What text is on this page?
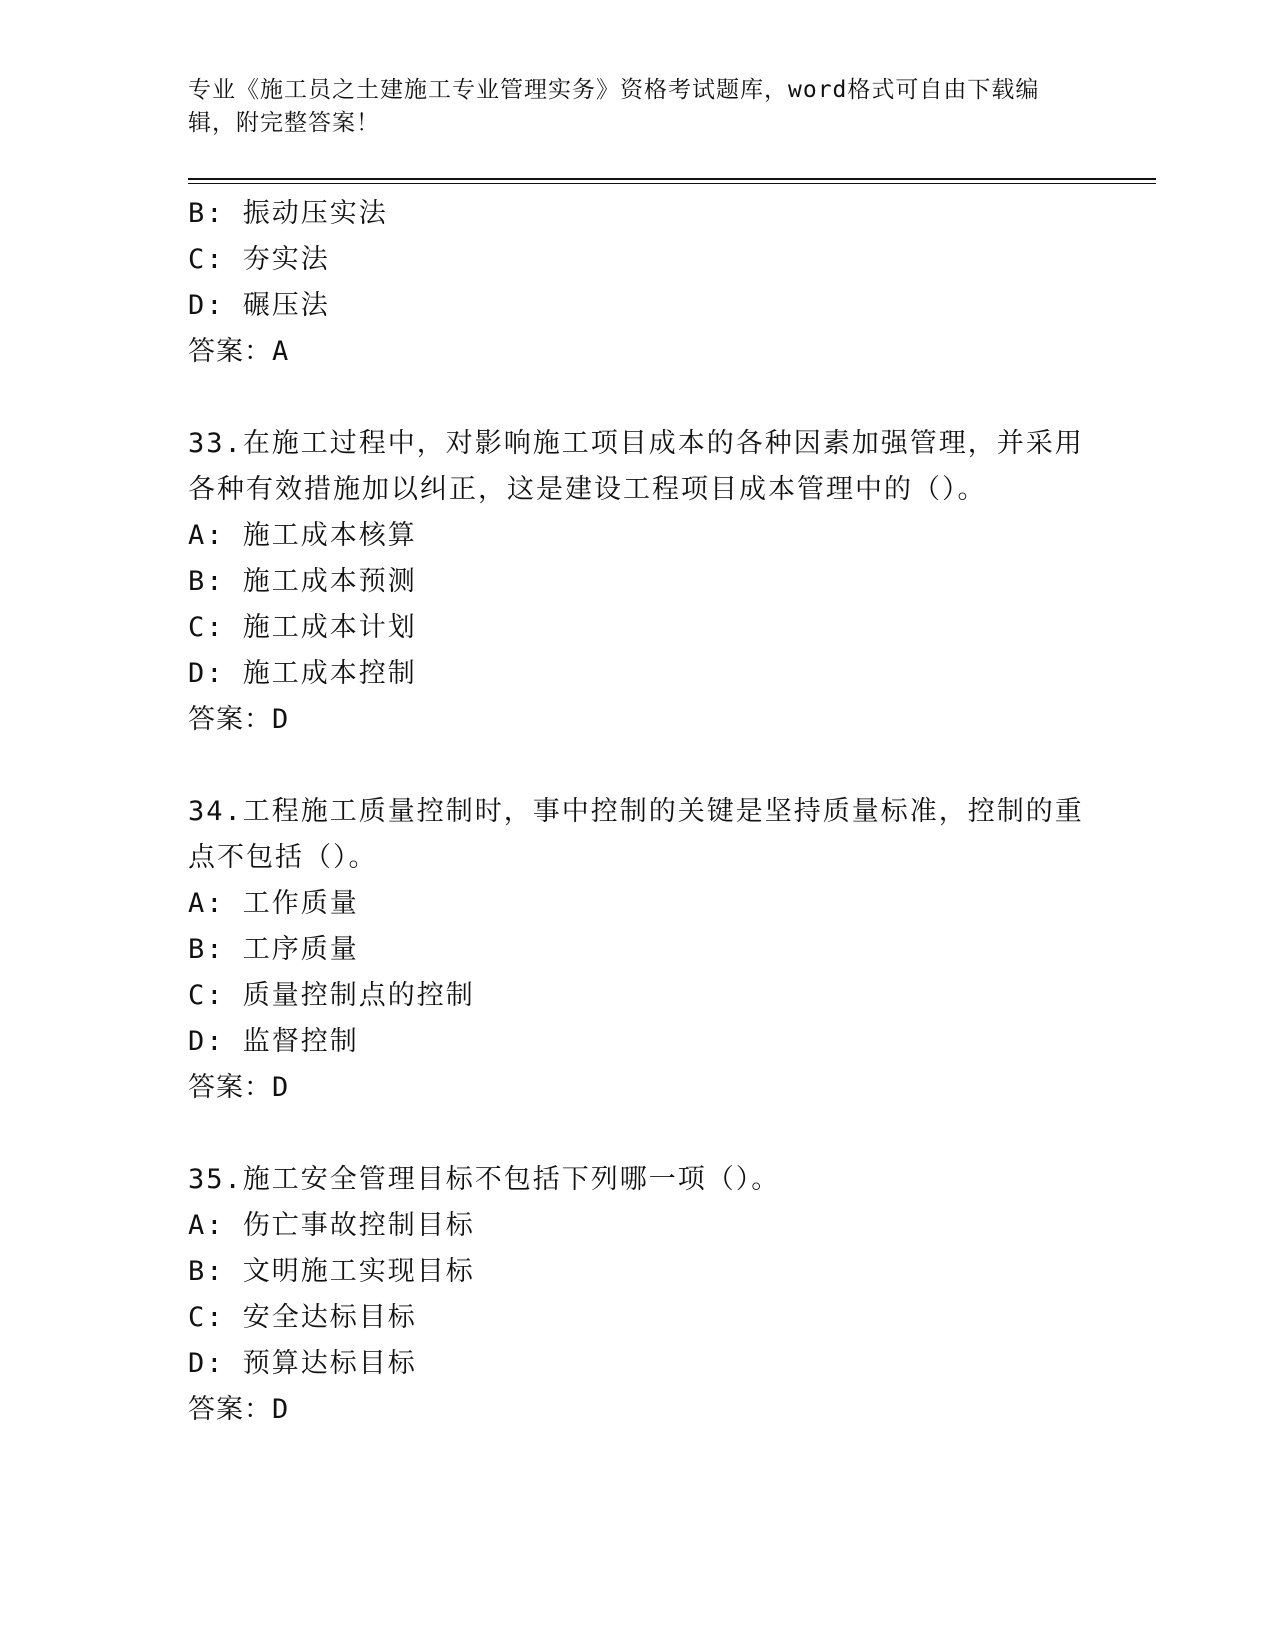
专业《施工员之土建施工专业管理实务》资格考试题库，word格式可自由下载编
辑，附完整答案！
B: 振动压实法
C: 夯实法
D: 碾压法
答案：A
33.在施工过程中，对影响施工项目成本的各种因素加强管理，并采用
各种有效措施加以纠正，这是建设工程项目成本管理中的（）。
A: 施工成本核算
B: 施工成本预测
C: 施工成本计划
D: 施工成本控制
答案：D
34.工程施工质量控制时，事中控制的关键是坚持质量标准，控制的重
点不包括（）。
A: 工作质量
B: 工序质量
C: 质量控制点的控制
D: 监督控制
答案：D
35.施工安全管理目标不包括下列哪一项（）。
A: 伤亡事故控制目标
B: 文明施工实现目标
C: 安全达标目标
D: 预算达标目标
答案：D
